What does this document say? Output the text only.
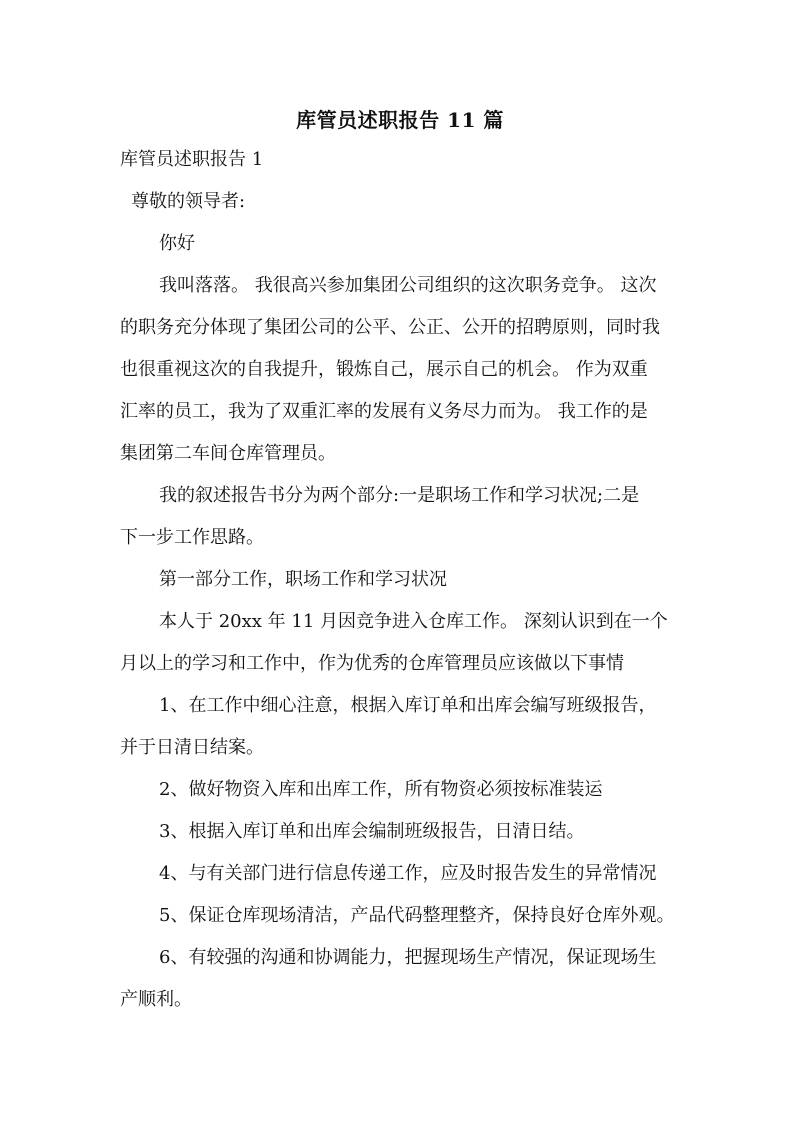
库管员述职报告 11 篇
库管员述职报告 1
尊敬的领导者:
你好
我叫落落。 我很高兴参加集团公司组织的这次职务竞争。 这次
的职务充分体现了集团公司的公平、公正、公开的招聘原则，同时我
也很重视这次的自我提升，锻炼自己，展示自己的机会。 作为双重
汇率的员工，我为了双重汇率的发展有义务尽力而为。 我工作的是
集团第二车间仓库管理员。
我的叙述报告书分为两个部分:一是职场工作和学习状况;二是
下一步工作思路。
第一部分工作，职场工作和学习状况
本人于 20xx 年 11 月因竞争进入仓库工作。 深刻认识到在一个
月以上的学习和工作中，作为优秀的仓库管理员应该做以下事情
1、在工作中细心注意，根据入库订单和出库会编写班级报告，
并于日清日结案。
2、做好物资入库和出库工作，所有物资必须按标准装运
3、根据入库订单和出库会编制班级报告，日清日结。
4、与有关部门进行信息传递工作，应及时报告发生的异常情况
5、保证仓库现场清洁，产品代码整理整齐，保持良好仓库外观。
6、有较强的沟通和协调能力，把握现场生产情况，保证现场生
产顺利。
